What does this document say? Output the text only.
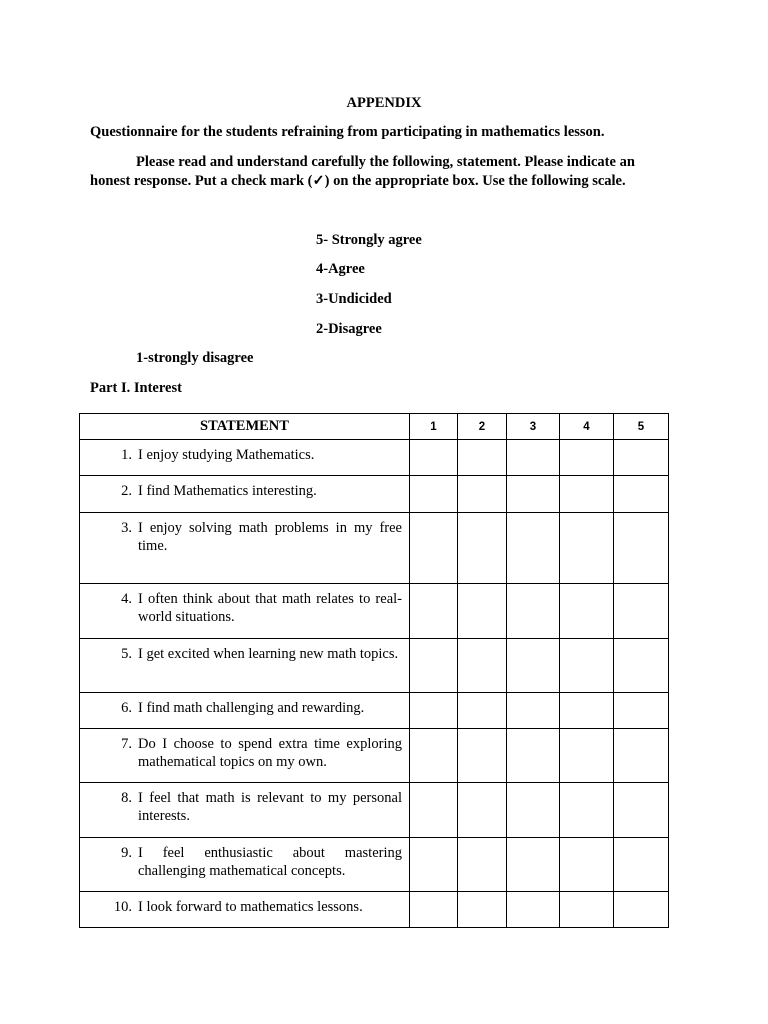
APPENDIX
Questionnaire for the students refraining from participating in mathematics lesson.
Please read and understand carefully the following, statement. Please indicate an
honest response. Put a check mark (✓) on the appropriate box. Use the following scale.
5- Strongly agree
4-Agree
3-Undicided
2-Disagree
1-strongly disagree
Part I. Interest
STATEMENT	1	2	3	4	5

1. I enjoy studying Mathematics.					

2. I find Mathematics interesting.					

3. I enjoy solving math problems in my free time.					

4. I often think about that math relates to real-world situations.					

5. I get excited when learning new math topics.					

6. I find math challenging and rewarding.					

7. Do I choose to spend extra time exploring mathematical topics on my own.					

8. I feel that math is relevant to my personal interests.					

9. I feel enthusiastic about mastering challenging mathematical concepts.					

10. I look forward to mathematics lessons.					
